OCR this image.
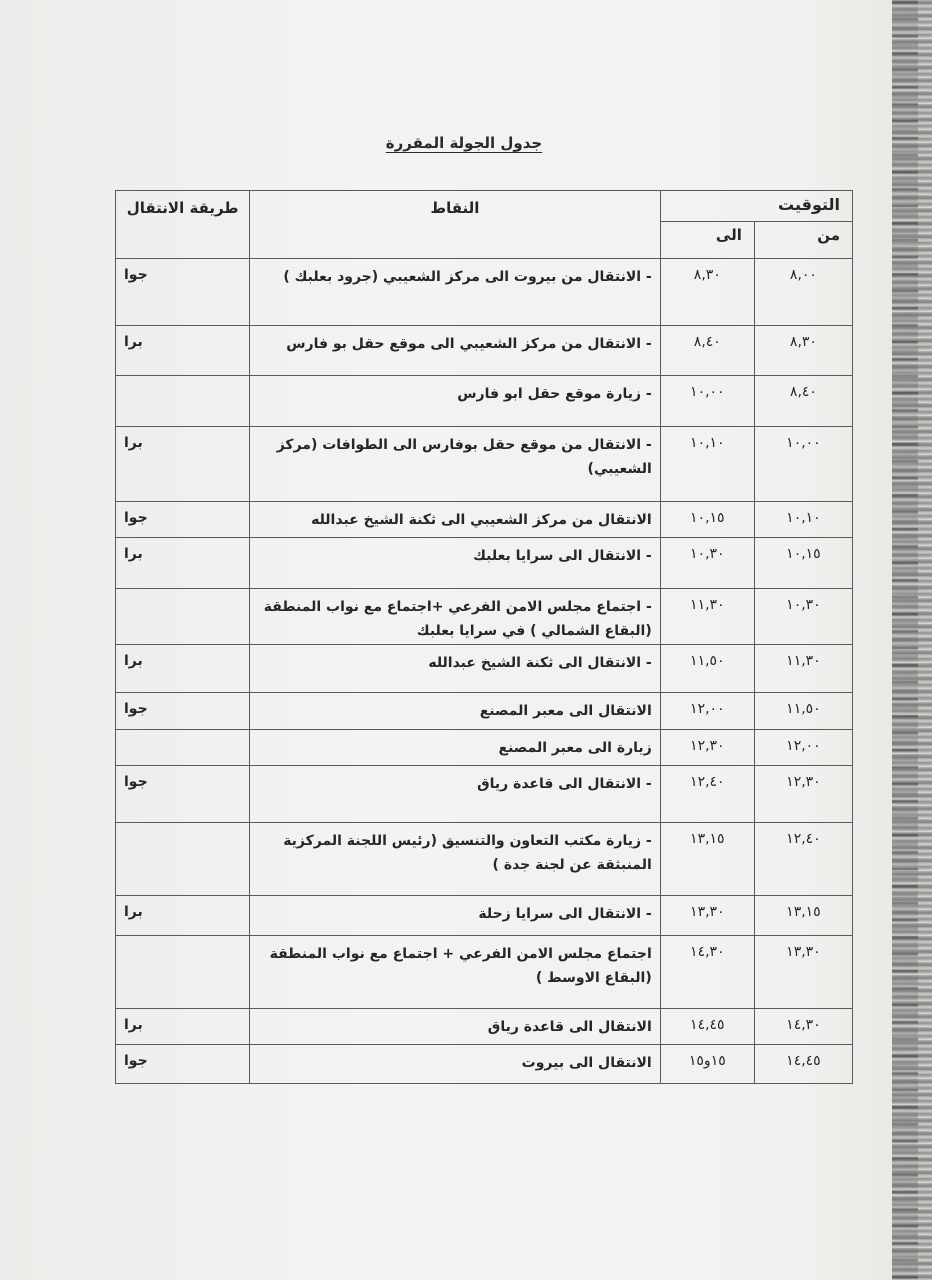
جدول الجولة المقررة
التوقيت		النقاط	طريقة الانتقال
من	الى		
٨,٠٠	٨,٣٠	- الانتقال من بيروت الى مركز الشعيبي (جرود بعلبك )	جوا
٨,٣٠	٨,٤٠	- الانتقال من مركز الشعيبي الى موقع حقل بو فارس	برا
٨,٤٠	١٠,٠٠	- زيارة موقع حقل ابو فارس	
١٠,٠٠	١٠,١٠	- الانتقال من موقع حقل بوفارس الى الطوافات (مركز الشعيبي)	برا
١٠,١٠	١٠,١٥	الانتقال من مركز الشعيبي الى ثكنة الشيخ عبدالله	جوا
١٠,١٥	١٠,٣٠	- الانتقال الى سرايا بعلبك	برا
١٠,٣٠	١١,٣٠	- اجتماع مجلس الامن الفرعي +اجتماع مع نواب المنطقة (البقاع الشمالي ) في سرايا بعلبك	
١١,٣٠	١١,٥٠	- الانتقال الى ثكنة الشيخ عبدالله	برا
١١,٥٠	١٢,٠٠	الانتقال الى معبر المصنع	جوا
١٢,٠٠	١٢,٣٠	زيارة الى معبر المصنع	
١٢,٣٠	١٢,٤٠	- الانتقال الى قاعدة رياق	جوا
١٢,٤٠	١٣,١٥	- زيارة مكتب التعاون والتنسيق (رئيس اللجنة المركزية المنبثقة عن لجنة جدة )	
١٣,١٥	١٣,٣٠	- الانتقال الى سرايا زحلة	برا
١٣,٣٠	١٤,٣٠	اجتماع مجلس الامن الفرعي + اجتماع مع نواب المنطقة (البقاع الاوسط )	
١٤,٣٠	١٤,٤٥	الانتقال الى قاعدة رياق	برا
١٤,٤٥	١٥و١٥	الانتقال الى بيروت	جوا
